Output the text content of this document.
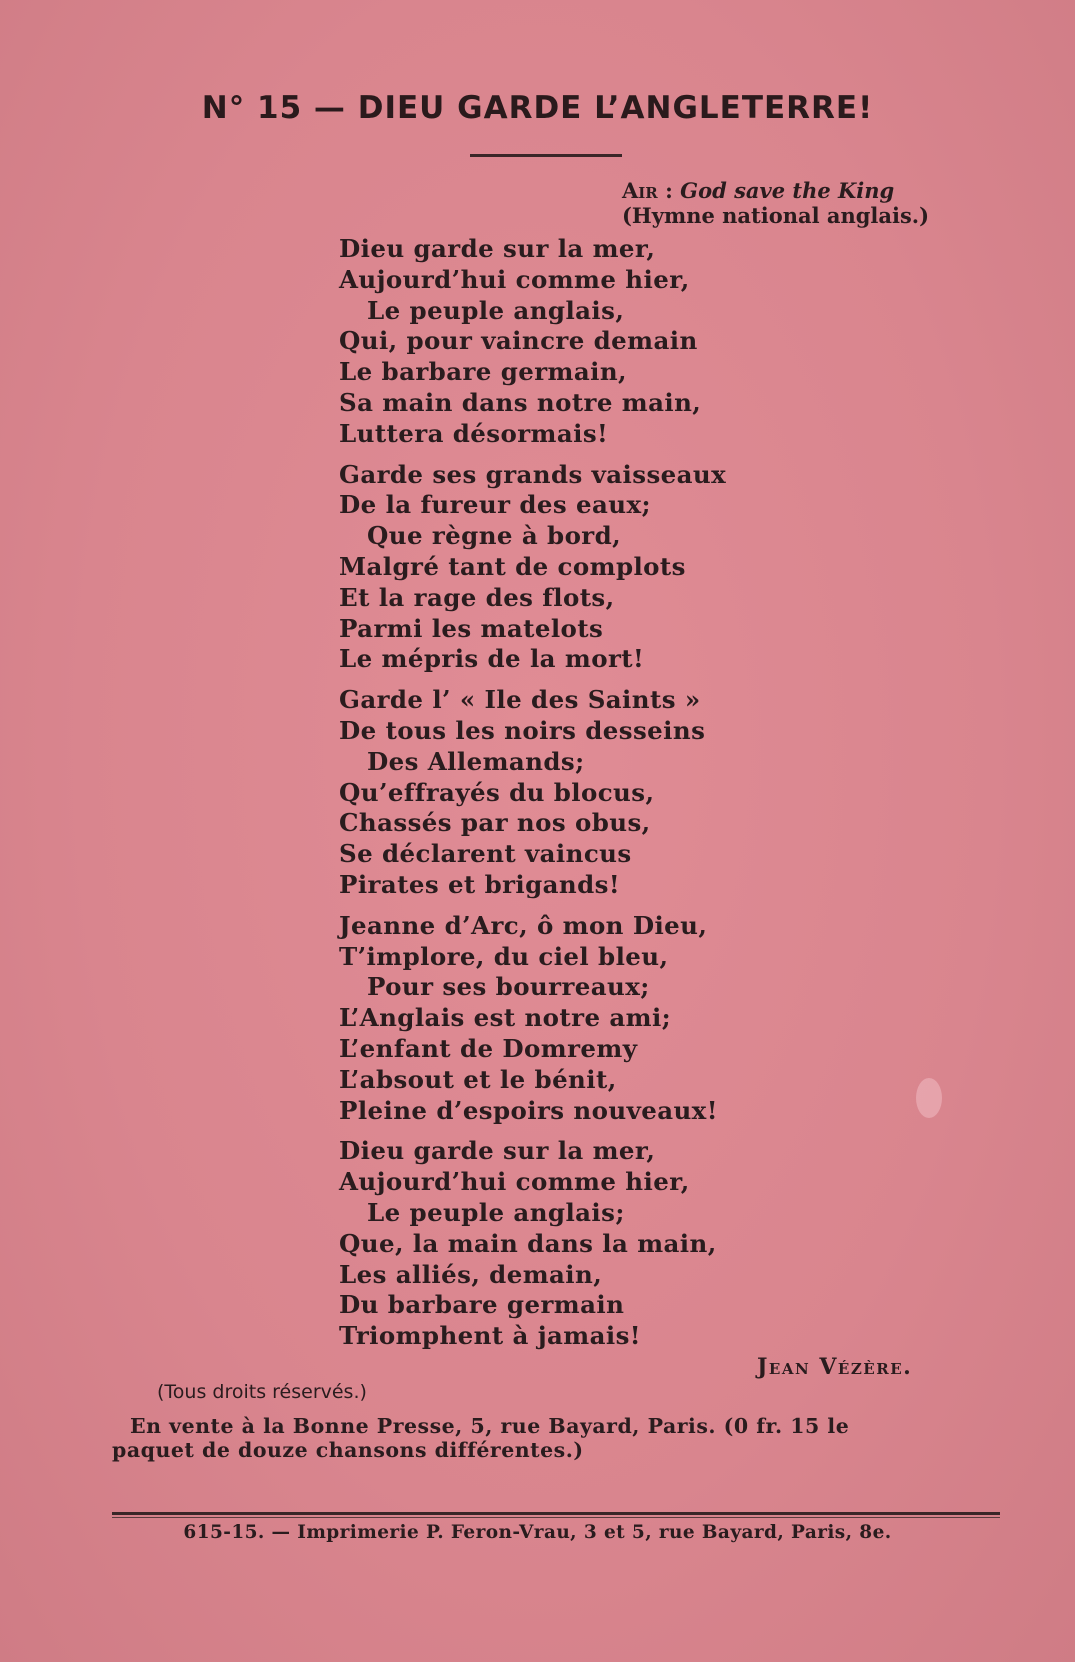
N° 15 — DIEU GARDE L’ANGLETERRE!
Air : God save the King
(Hymne national anglais.)
Dieu garde sur la mer,
Aujourd’hui comme hier,
Le peuple anglais,
Qui, pour vaincre demain
Le barbare germain,
Sa main dans notre main,
Luttera désormais!
Garde ses grands vaisseaux
De la fureur des eaux;
Que règne à bord,
Malgré tant de complots
Et la rage des flots,
Parmi les matelots
Le mépris de la mort!
Garde l’ « Ile des Saints »
De tous les noirs desseins
Des Allemands;
Qu’effrayés du blocus,
Chassés par nos obus,
Se déclarent vaincus
Pirates et brigands!
Jeanne d’Arc, ô mon Dieu,
T’implore, du ciel bleu,
Pour ses bourreaux;
L’Anglais est notre ami;
L’enfant de Domremy
L’absout et le bénit,
Pleine d’espoirs nouveaux!
Dieu garde sur la mer,
Aujourd’hui comme hier,
Le peuple anglais;
Que, la main dans la main,
Les alliés, demain,
Du barbare germain
Triomphent à jamais!
Jean Vézère.
(Tous droits réservés.)
En vente à la Bonne Presse, 5, rue Bayard, Paris. (0 fr. 15 le
paquet de douze chansons différentes.)
615-15. — Imprimerie P. Feron-Vrau, 3 et 5, rue Bayard, Paris, 8e.
